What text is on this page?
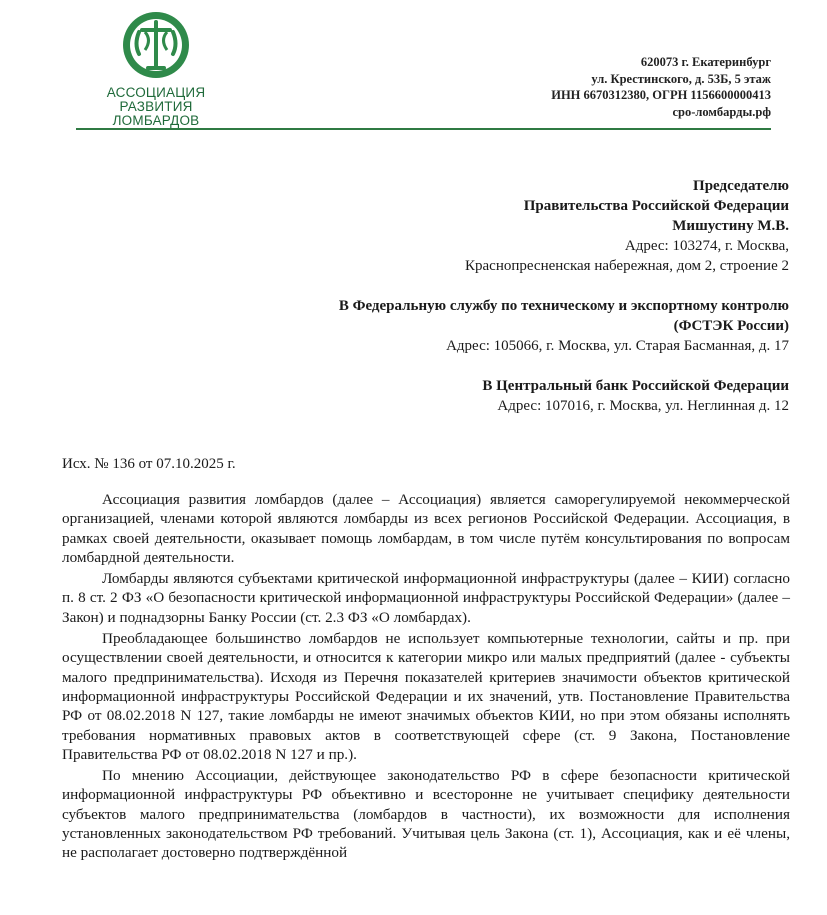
АССОЦИАЦИЯ
РАЗВИТИЯ ЛОМБАРДОВ
620073 г. Екатеринбург
ул. Крестинского, д. 53Б, 5 этаж
ИНН 6670312380, ОГРН 1156600000413
сро-ломбарды.рф
Председателю
Правительства Российской Федерации
Мишустину М.В.
Адрес: 103274, г. Москва,
Краснопресненская набережная, дом 2, строение 2
В Федеральную службу по техническому и экспортному контролю
(ФСТЭК России)
Адрес: 105066, г. Москва, ул. Старая Басманная, д. 17
В Центральный банк Российской Федерации
Адрес: 107016, г. Москва, ул. Неглинная д. 12
Исх. № 136 от 07.10.2025 г.

Ассоциация развития ломбардов (далее – Ассоциация) является саморегулируемой некоммерческой организацией, членами которой являются ломбарды из всех регионов Российской Федерации. Ассоциация, в рамках своей деятельности, оказывает помощь ломбардам, в том числе путём консультирования по вопросам ломбардной деятельности.

Ломбарды являются субъектами критической информационной инфраструктуры (далее – КИИ) согласно п. 8 ст. 2 ФЗ «О безопасности критической информационной инфраструктуры Российской Федерации» (далее – Закон) и поднадзорны Банку России (ст. 2.3 ФЗ «О ломбардах).

Преобладающее большинство ломбардов не использует компьютерные технологии, сайты и пр. при осуществлении своей деятельности, и относится к категории микро или малых предприятий (далее - субъекты малого предпринимательства). Исходя из Перечня показателей критериев значимости объектов критической информационной инфраструктуры Российской Федерации и их значений, утв. Постановление Правительства РФ от 08.02.2018 N 127, такие ломбарды не имеют значимых объектов КИИ, но при этом обязаны исполнять требования нормативных правовых актов в соответствующей сфере (ст. 9 Закона, Постановление Правительства РФ от 08.02.2018 N 127 и пр.).

По мнению Ассоциации, действующее законодательство РФ в сфере безопасности критической информационной инфраструктуры РФ объективно и всесторонне не учитывает специфику деятельности субъектов малого предпринимательства (ломбардов в частности), их возможности для исполнения установленных законодательством РФ требований. Учитывая цель Закона (ст. 1), Ассоциация, как и её члены, не располагает достоверно подтверждённой
